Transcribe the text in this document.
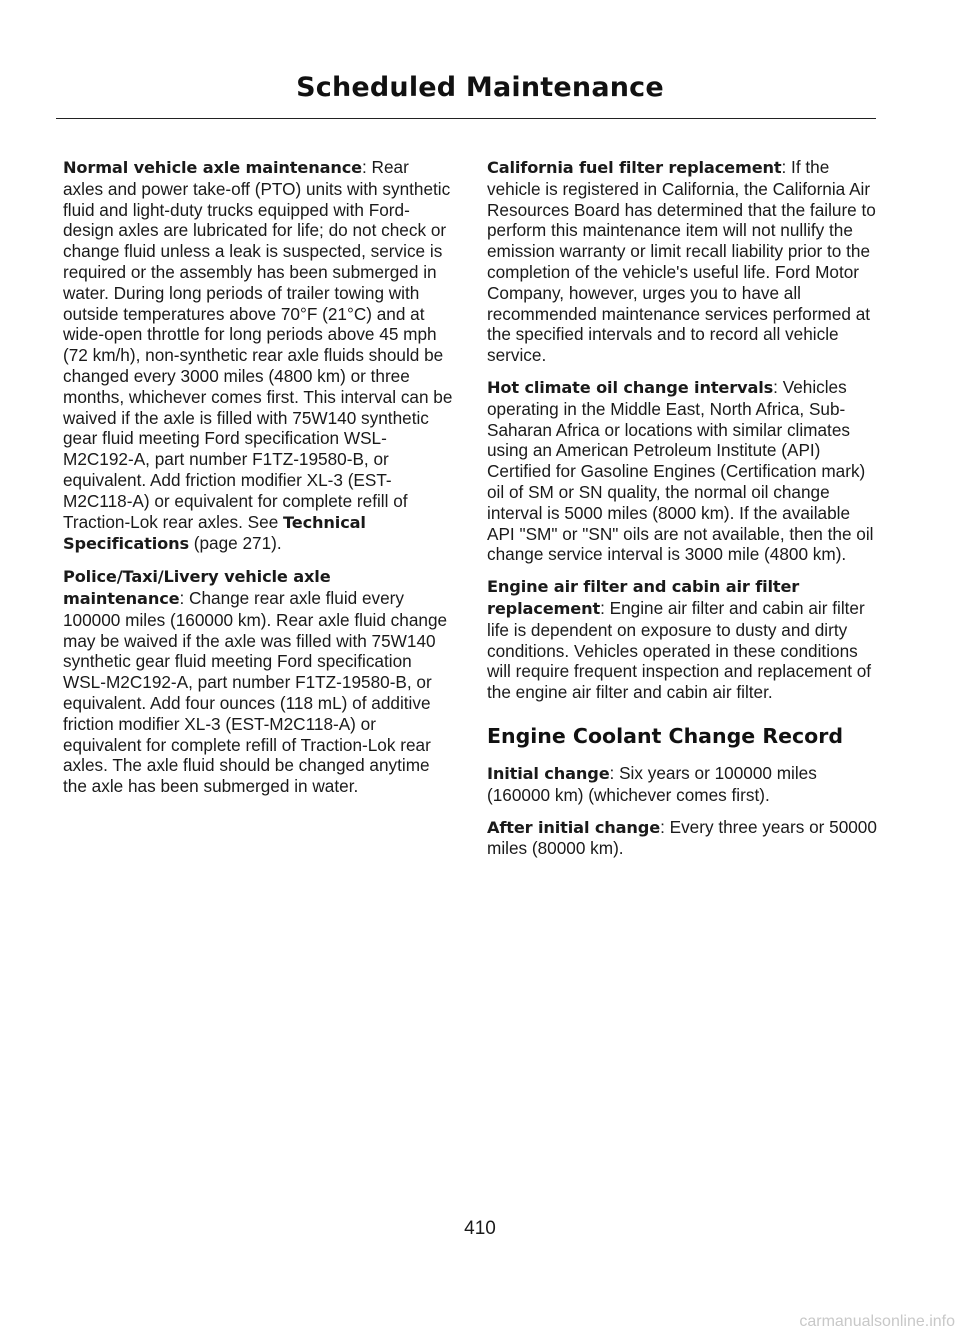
Scheduled Maintenance

Normal vehicle axle maintenance: Rear axles and power take-off (PTO) units with synthetic fluid and light-duty trucks equipped with Ford-design axles are lubricated for life; do not check or change fluid unless a leak is suspected, service is required or the assembly has been submerged in water. During long periods of trailer towing with outside temperatures above 70°F (21°C) and at wide-open throttle for long periods above 45 mph (72 km/h), non-synthetic rear axle fluids should be changed every 3000 miles (4800 km) or three months, whichever comes first. This interval can be waived if the axle is filled with 75W140 synthetic gear fluid meeting Ford specification WSL-M2C192-A, part number F1TZ-19580-B, or equivalent. Add friction modifier XL-3 (EST-M2C118-A) or equivalent for complete refill of Traction-Lok rear axles. See Technical Specifications (page 271).

Police/Taxi/Livery vehicle axle maintenance: Change rear axle fluid every 100000 miles (160000 km). Rear axle fluid change may be waived if the axle was filled with 75W140 synthetic gear fluid meeting Ford specification WSL-M2C192-A, part number F1TZ-19580-B, or equivalent. Add four ounces (118 mL) of additive friction modifier XL-3 (EST-M2C118-A) or equivalent for complete refill of Traction-Lok rear axles. The axle fluid should be changed anytime the axle has been submerged in water.

California fuel filter replacement: If the vehicle is registered in California, the California Air Resources Board has determined that the failure to perform this maintenance item will not nullify the emission warranty or limit recall liability prior to the completion of the vehicle's useful life. Ford Motor Company, however, urges you to have all recommended maintenance services performed at the specified intervals and to record all vehicle service.

Hot climate oil change intervals: Vehicles operating in the Middle East, North Africa, Sub-Saharan Africa or locations with similar climates using an American Petroleum Institute (API) Certified for Gasoline Engines (Certification mark) oil of SM or SN quality, the normal oil change interval is 5000 miles (8000 km). If the available API "SM" or "SN" oils are not available, then the oil change service interval is 3000 mile (4800 km).

Engine air filter and cabin air filter replacement: Engine air filter and cabin air filter life is dependent on exposure to dusty and dirty conditions. Vehicles operated in these conditions will require frequent inspection and replacement of the engine air filter and cabin air filter.

Engine Coolant Change Record

Initial change: Six years or 100000 miles (160000 km) (whichever comes first).

After initial change: Every three years or 50000 miles (80000 km).

410
carmanualsonline.info
